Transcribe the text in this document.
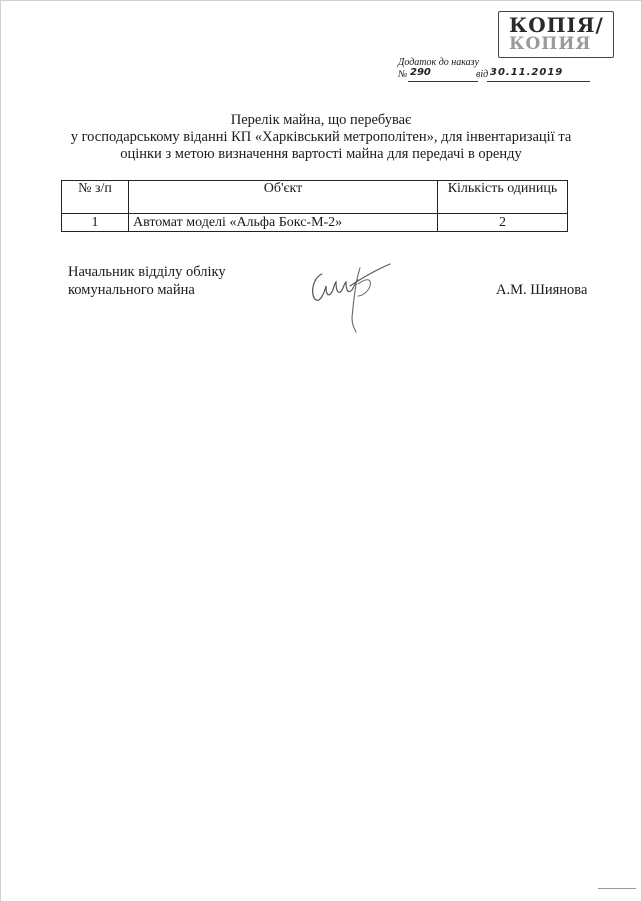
КОПІЯ/
КОПИЯ
Додаток до наказу
№ 290	від 30.11.2019
Перелік майна, що перебуває
у господарському віданні КП «Харківський метрополітен», для інвентаризації та
оцінки з метою визначення вартості майна для передачі в оренду
№ з/п	Об'єкт	Кількість одиниць
1	Автомат моделі «Альфа Бокс-М-2»	2
Начальник відділу обліку
комунального майна	А.М. Шиянова
